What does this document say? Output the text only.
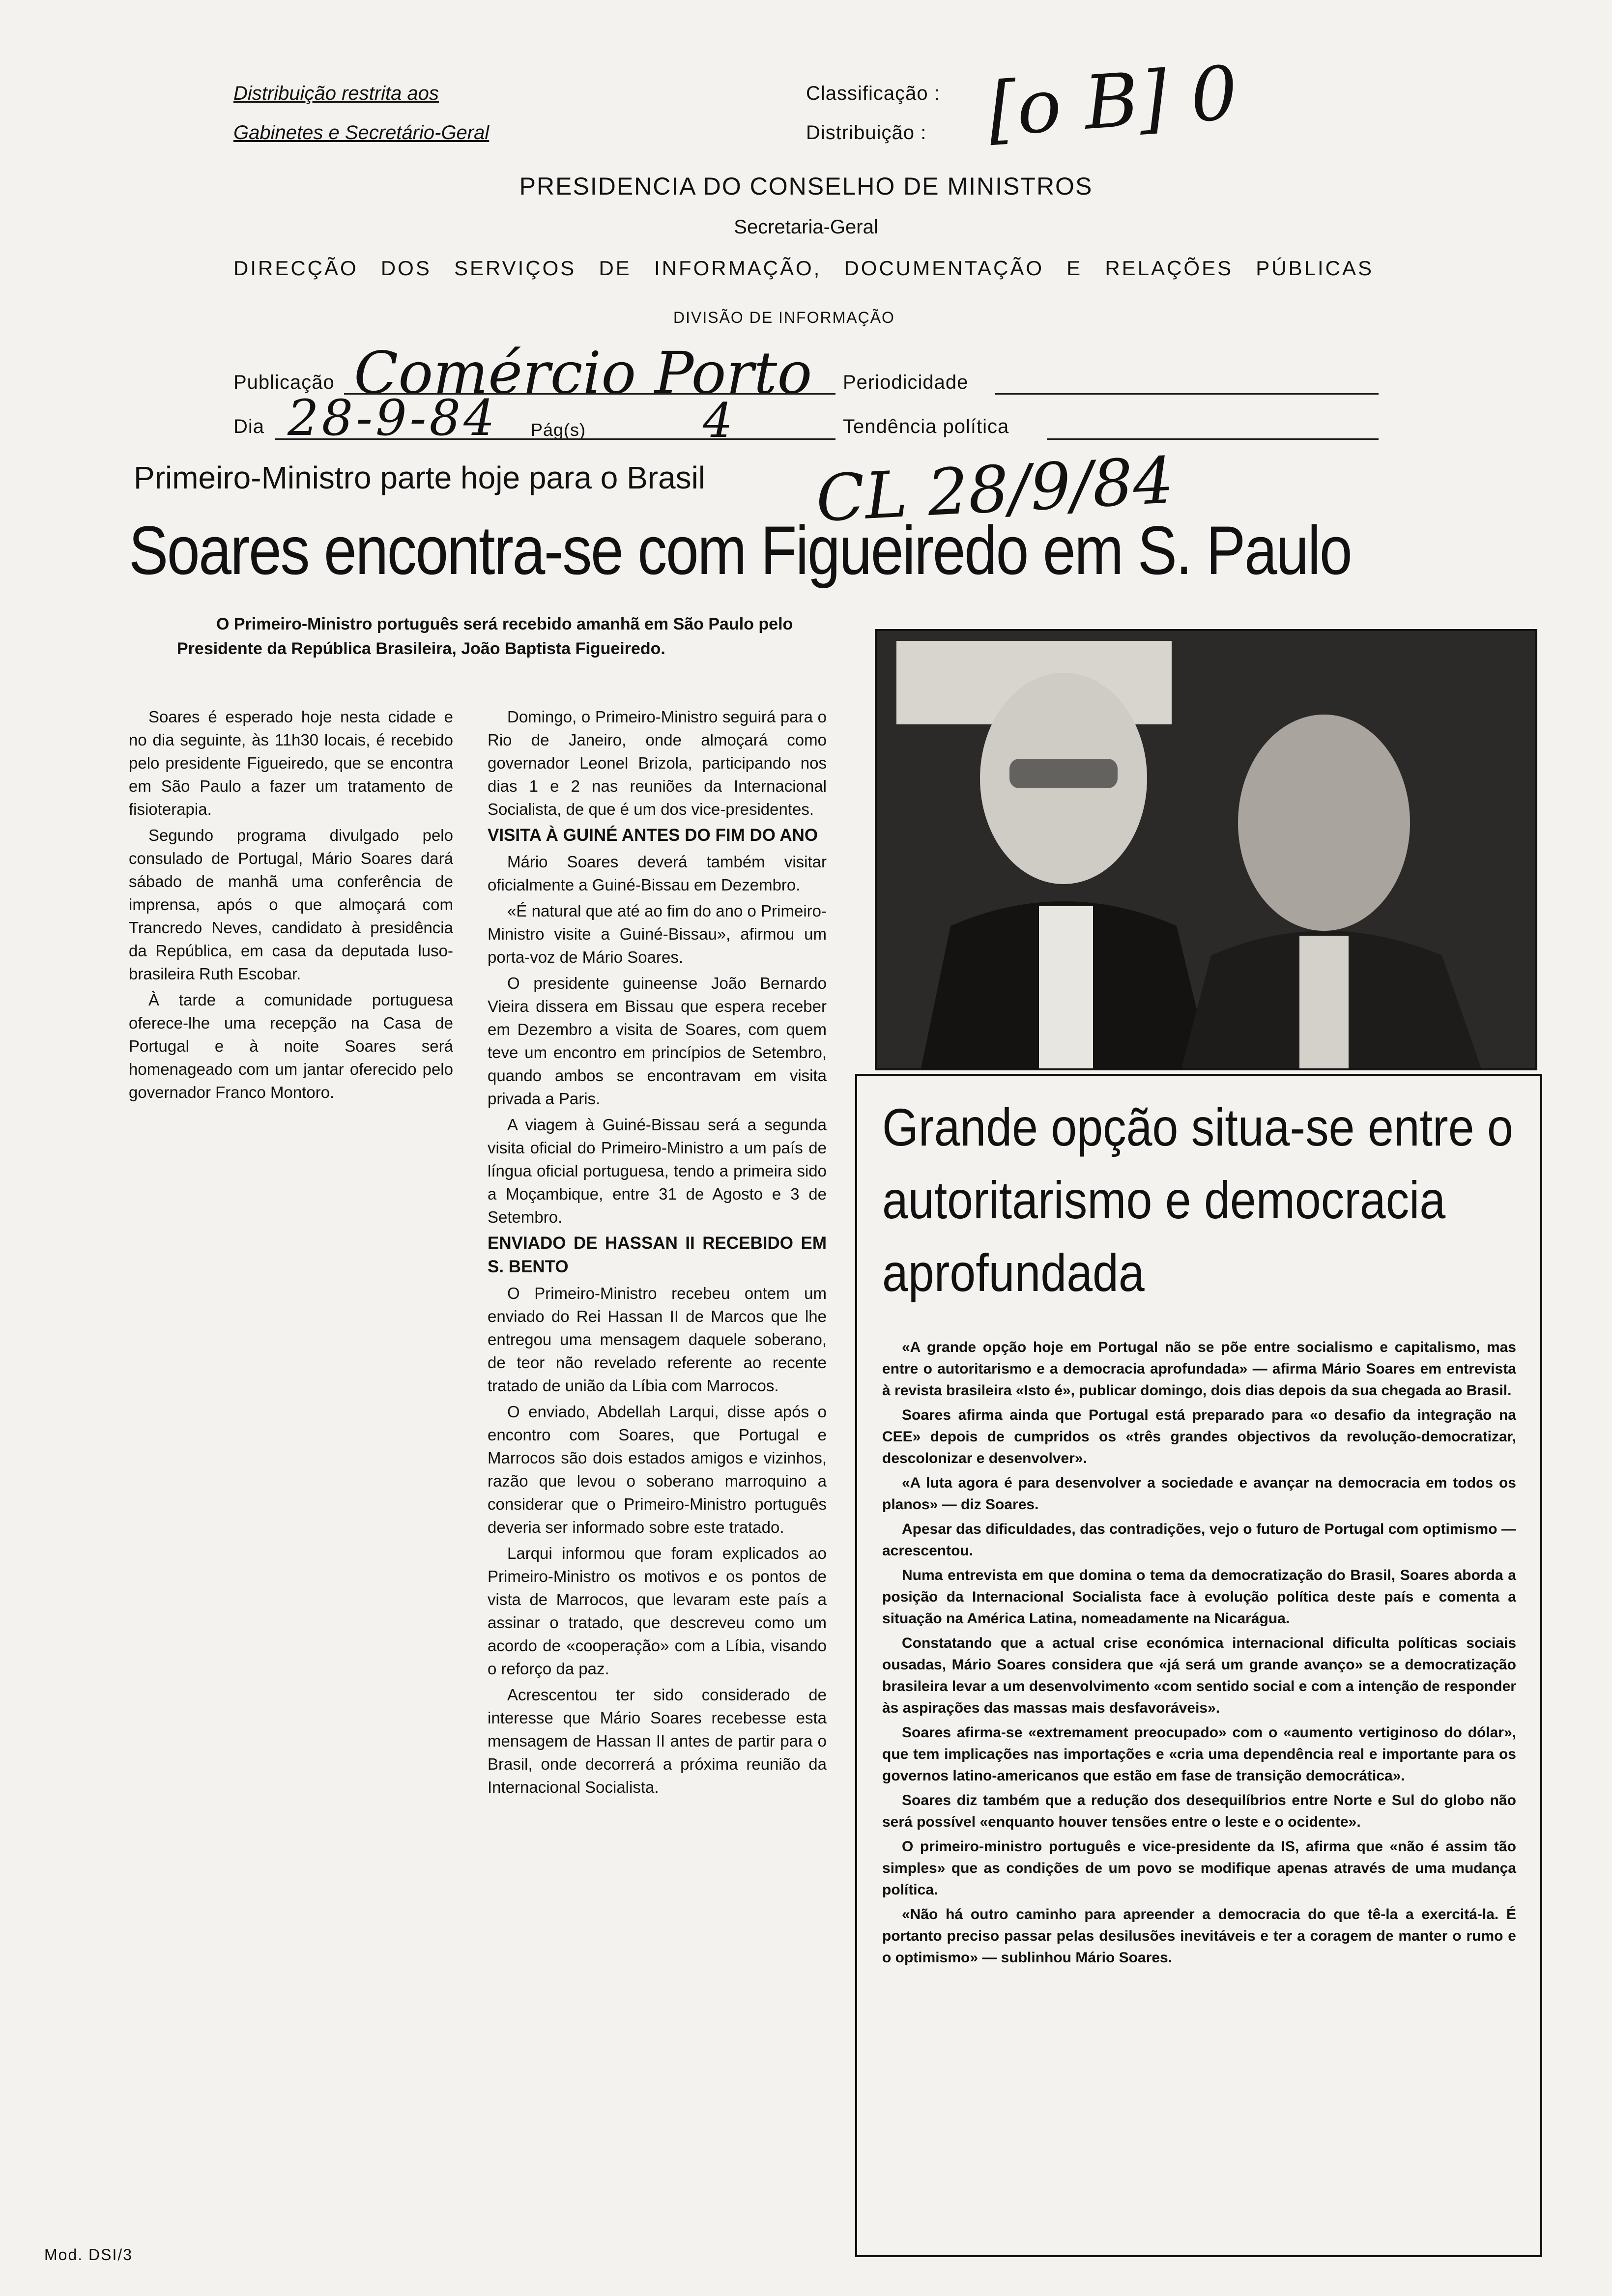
Distribuição restrita aos
Gabinetes e Secretário-Geral
Classificação :
Distribuição : [o B] 0
PRESIDENCIA DO CONSELHO DE MINISTROS
Secretaria-Geral
DIRECÇÃO DOS SERVIÇOS DE INFORMAÇÃO, DOCUMENTAÇÃO E RELAÇÕES PÚBLICAS
DIVISÃO DE INFORMAÇÃO
Publicação Comércio Porto Periodicidade
Dia 28-9-84 Pág(s) 4	Tendência política
Primeiro-Ministro parte hoje para o Brasil CL 28/9/84
Soares encontra-se com Figueiredo em S. Paulo
O Primeiro-Ministro português será recebido amanhã em São Paulo pelo Presidente da República Brasileira, João Baptista Figueiredo.

Soares é esperado hoje nesta cidade e no dia seguinte, às 11h30 locais, é recebido pelo presidente Figueiredo, que se encontra em São Paulo a fazer um tratamento de fisioterapia.

Segundo programa divulgado pelo consulado de Portugal, Mário Soares dará sábado de manhã uma conferência de imprensa, após o que almoçará com Trancredo Neves, candidato à presidência da República, em casa da deputada luso-brasileira Ruth Escobar.

À tarde a comunidade portuguesa oferece-lhe uma recepção na Casa de Portugal e à noite Soares será homenageado com um jantar oferecido pelo governador Franco Montoro.

Domingo, o Primeiro-Ministro seguirá para o Rio de Janeiro, onde almoçará como governador Leonel Brizola, participando nos dias 1 e 2 nas reuniões da Internacional Socialista, de que é um dos vice-presidentes.

VISITA À GUINÉ ANTES DO FIM DO ANO

Mário Soares deverá também visitar oficialmente a Guiné-Bissau em Dezembro.

«É natural que até ao fim do ano o Primeiro-Ministro visite a Guiné-Bissau», afirmou um porta-voz de Mário Soares.

O presidente guineense João Bernardo Vieira dissera em Bissau que espera receber em Dezembro a visita de Soares, com quem teve um encontro em princípios de Setembro, quando ambos se encontravam em visita privada a Paris.

A viagem à Guiné-Bissau será a segunda visita oficial do Primeiro-Ministro a um país de língua oficial portuguesa, tendo a primeira sido a Moçambique, entre 31 de Agosto e 3 de Setembro.

ENVIADO DE HASSAN II RECEBIDO EM S. BENTO

O Primeiro-Ministro recebeu ontem um enviado do Rei Hassan II de Marcos que lhe entregou uma mensagem daquele soberano, de teor não revelado referente ao recente tratado de união da Líbia com Marrocos.

O enviado, Abdellah Larqui, disse após o encontro com Soares, que Portugal e Marrocos são dois estados amigos e vizinhos, razão que levou o soberano marroquino a considerar que o Primeiro-Ministro português deveria ser informado sobre este tratado.

Larqui informou que foram explicados ao Primeiro-Ministro os motivos e os pontos de vista de Marrocos, que levaram este país a assinar o tratado, que descreveu como um acordo de «cooperação» com a Líbia, visando o reforço da paz.

Acrescentou ter sido considerado de interesse que Mário Soares recebesse esta mensagem de Hassan II antes de partir para o Brasil, onde decorrerá a próxima reunião da Internacional Socialista.

Grande opção situa-se entre o autoritarismo e democracia aprofundada

«A grande opção hoje em Portugal não se põe entre socialismo e capitalismo, mas entre o autoritarismo e a democracia aprofundada» — afirma Mário Soares em entrevista à revista brasileira «Isto é», publicar domingo, dois dias depois da sua chegada ao Brasil.

Soares afirma ainda que Portugal está preparado para «o desafio da integração na CEE» depois de cumpridos os «três grandes objectivos da revolução-democratizar, descolonizar e desenvolver».

«A luta agora é para desenvolver a sociedade e avançar na democracia em todos os planos» — diz Soares.

Apesar das dificuldades, das contradições, vejo o futuro de Portugal com optimismo — acrescentou.

Numa entrevista em que domina o tema da democratização do Brasil, Soares aborda a posição da Internacional Socialista face à evolução política deste país e comenta a situação na América Latina, nomeadamente na Nicarágua.

Constatando que a actual crise económica internacional dificulta políticas sociais ousadas, Mário Soares considera que «já será um grande avanço» se a democratização brasileira levar a um desenvolvimento «com sentido social e com a intenção de responder às aspirações das massas mais desfavoráveis».

Soares afirma-se «extremament preocupado» com o «aumento vertiginoso do dólar», que tem implicações nas importações e «cria uma dependência real e importante para os governos latino-americanos que estão em fase de transição democrática».

Soares diz também que a redução dos desequilíbrios entre Norte e Sul do globo não será possível «enquanto houver tensões entre o leste e o ocidente».

O primeiro-ministro português e vice-presidente da IS, afirma que «não é assim tão simples» que as condições de um povo se modifique apenas através de uma mudança política.

«Não há outro caminho para apreender a democracia do que tê-la a exercitá-la. É portanto preciso passar pelas desilusões inevitáveis e ter a coragem de manter o rumo e o optimismo» — sublinhou Mário Soares.

Mod. DSI/3
